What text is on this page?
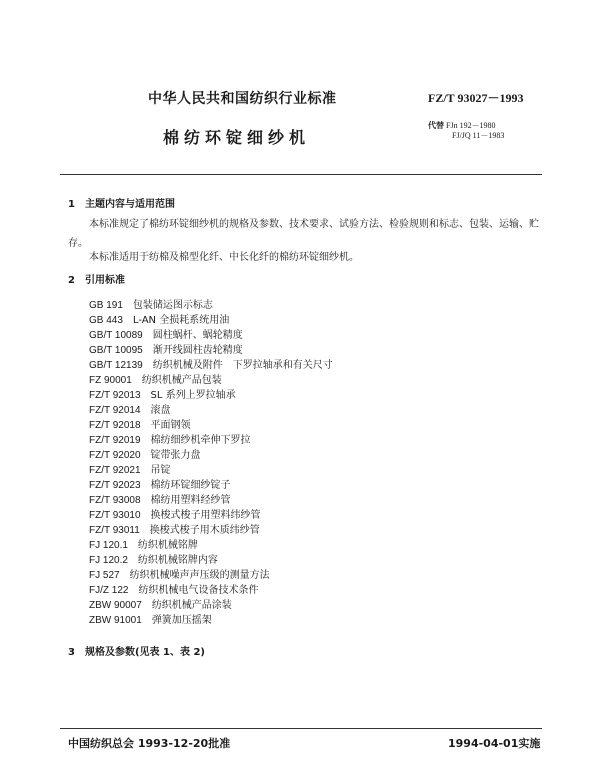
中华人民共和国纺织行业标准	FZ/T 93027－1993
棉纺环锭细纱机
代替 FJn 192－1980
FJ/JQ 11－1983
1　主题内容与适用范围
本标准规定了棉纺环锭细纱机的规格及参数、技术要求、试验方法、检验规则和标志、包装、运输、贮
存。
本标准适用于纺棉及棉型化纤、中长化纤的棉纺环锭细纱机。
2　引用标准
GB 191　 包装储运图示标志
GB 443　 L-AN 全损耗系统用油
GB/T 10089　 圆柱蜗杆、蜗轮精度
GB/T 10095　 渐开线圆柱齿轮精度
GB/T 12139　 纺织机械及附件　下罗拉轴承和有关尺寸
FZ 90001　 纺织机械产品包装
FZ/T 92013　 SL 系列上罗拉轴承
FZ/T 92014　 滚盘
FZ/T 92018　 平面钢领
FZ/T 92019　 棉纺细纱机牵伸下罗拉
FZ/T 92020　 锭带张力盘
FZ/T 92021　 吊锭
FZ/T 92023　 棉纺环锭细纱锭子
FZ/T 93008　 棉纺用塑料经纱管
FZ/T 93010　 换梭式梭子用塑料纬纱管
FZ/T 93011　 换梭式梭子用木质纬纱管
FJ 120.1　 纺织机械铭牌
FJ 120.2　 纺织机械铭牌内容
FJ 527　 纺织机械噪声声压级的测量方法
FJ/Z 122　 纺织机械电气设备技术条件
ZBW 90007　 纺织机械产品涂装
ZBW 91001　 弹簧加压摇架
3　规格及参数(见表 1、表 2)
中国纺织总会 1993-12-20批准	1994-04-01实施
